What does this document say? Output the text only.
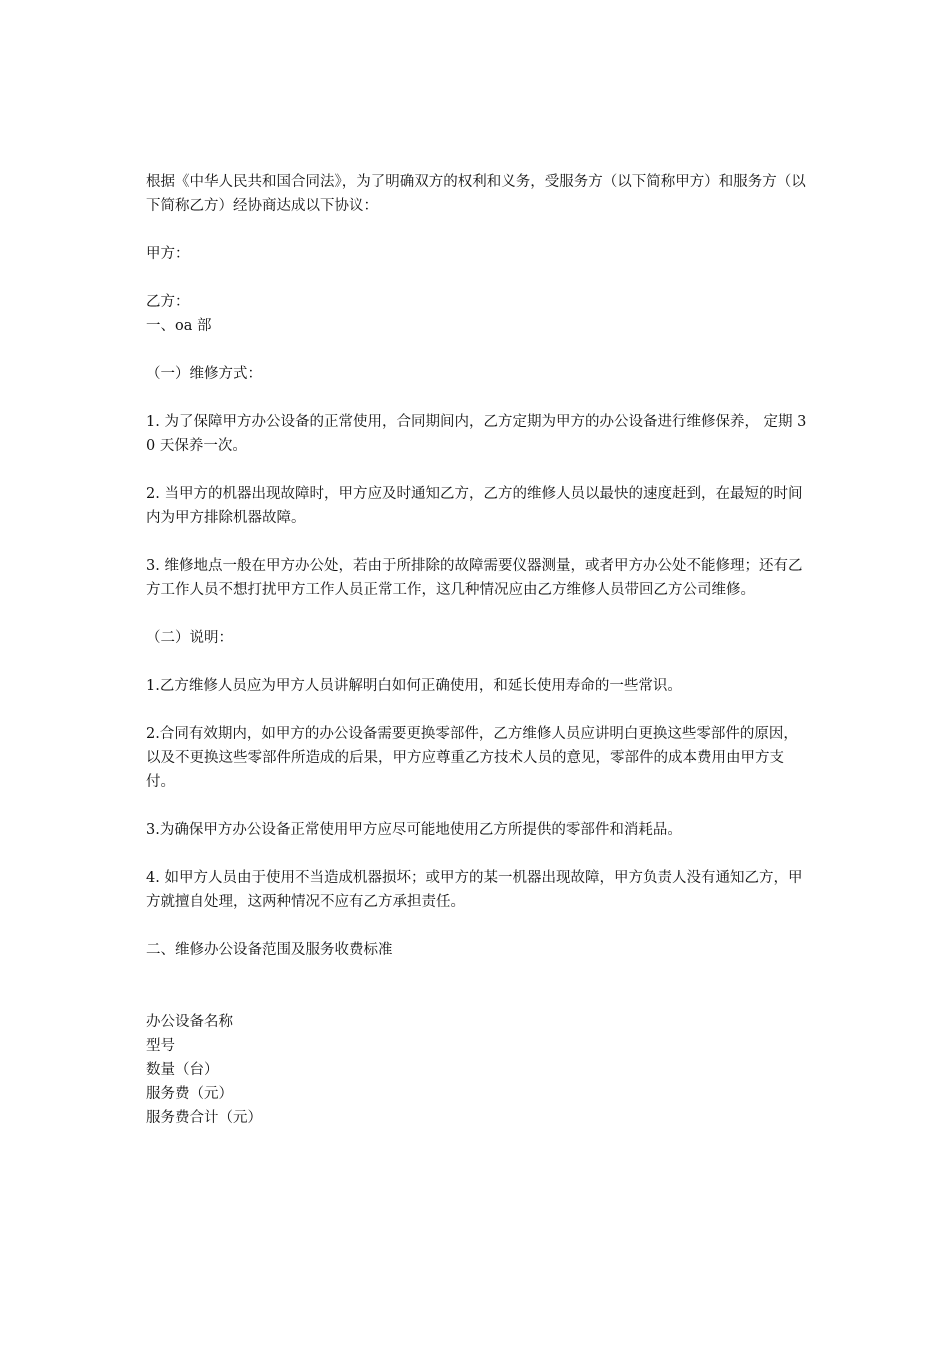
根据《中华人民共和国合同法》，为了明确双方的权利和义务，受服务方（以下简称甲方）和服务方（以下简称乙方）经协商达成以下协议：

甲方：

乙方：

一、oa 部

（一）维修方式：

1. 为了保障甲方办公设备的正常使用，合同期间内，乙方定期为甲方的办公设备进行维修保养， 定期 30 天保养一次。

2. 当甲方的机器出现故障时，甲方应及时通知乙方，乙方的维修人员以最快的速度赶到，在最短的时间内为甲方排除机器故障。

3. 维修地点一般在甲方办公处，若由于所排除的故障需要仪器测量，或者甲方办公处不能修理；还有乙方工作人员不想打扰甲方工作人员正常工作，这几种情况应由乙方维修人员带回乙方公司维修。

（二）说明：

1.乙方维修人员应为甲方人员讲解明白如何正确使用，和延长使用寿命的一些常识。

2.合同有效期内，如甲方的办公设备需要更换零部件，乙方维修人员应讲明白更换这些零部件的原因，以及不更换这些零部件所造成的后果，甲方应尊重乙方技术人员的意见，零部件的成本费用由甲方支付。

3.为确保甲方办公设备正常使用甲方应尽可能地使用乙方所提供的零部件和消耗品。

4. 如甲方人员由于使用不当造成机器损坏；或甲方的某一机器出现故障，甲方负责人没有通知乙方，甲方就擅自处理，这两种情况不应有乙方承担责任。

二、维修办公设备范围及服务收费标准

办公设备名称

型号

数量（台）

服务费（元）

服务费合计（元）
